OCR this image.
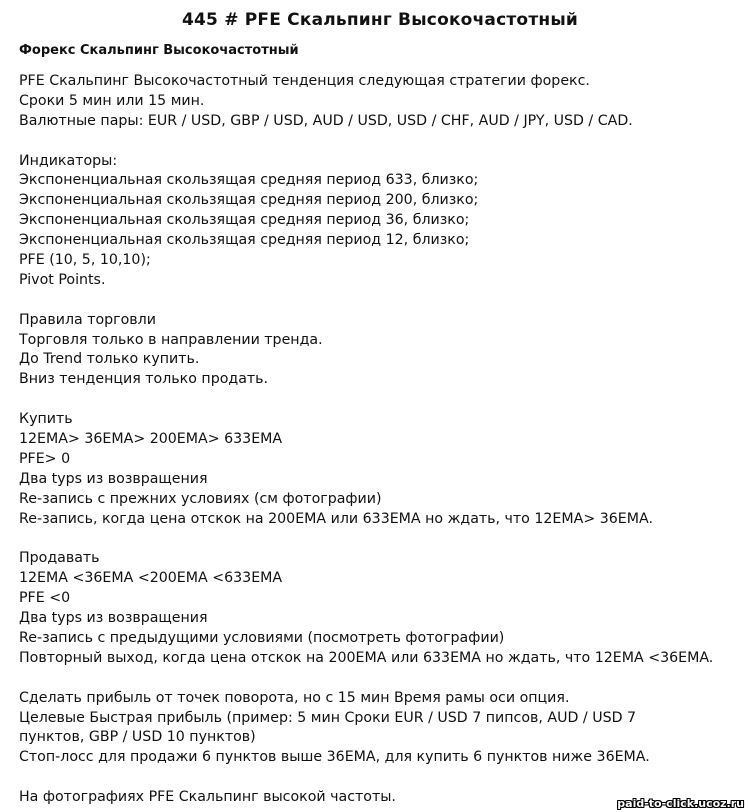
445 # PFE Скальпинг Высокочастотный
Форекс Скальпинг Высокочастотный
PFE Скальпинг Высокочастотный тенденция следующая стратегии форекс.
Сроки 5 мин или 15 мин.
Валютные пары: EUR / USD, GBP / USD, AUD / USD, USD / CHF, AUD / JPY, USD / CAD.
Индикаторы:
Экспоненциальная скользящая средняя период 633, близко;
Экспоненциальная скользящая средняя период 200, близко;
Экспоненциальная скользящая средняя период 36, близко;
Экспоненциальная скользящая средняя период 12, близко;
PFE (10, 5, 10,10);
Pivot Points.
Правила торговли
Торговля только в направлении тренда.
До Trend только купить.
Вниз тенденция только продать.
Купить
12EMA> 36EMA> 200EMA> 633EMA
PFE> 0
Два typs из возвращения
Re-запись с прежних условиях (см фотографии)
Re-запись, когда цена отскок на 200EMA или 633EMA но ждать, что 12EMA> 36EMA.
Продавать
12EMA <36EMA <200EMA <633EMA
PFE <0
Два typs из возвращения
Re-запись с предыдущими условиями (посмотреть фотографии)
Повторный выход, когда цена отскок на 200EMA или 633EMA но ждать, что 12EMA <36EMA.
Сделать прибыль от точек поворота, но с 15 мин Время рамы оси опция.
Целевые Быстрая прибыль (пример: 5 мин Сроки EUR / USD 7 пипсов, AUD / USD 7
пунктов, GBP / USD 10 пунктов)
Стоп-лосс для продажи 6 пунктов выше 36EMA, для купить 6 пунктов ниже 36EMA.
На фотографиях PFE Скальпинг высокой частоты.	paid-to-click.ucoz.ru
